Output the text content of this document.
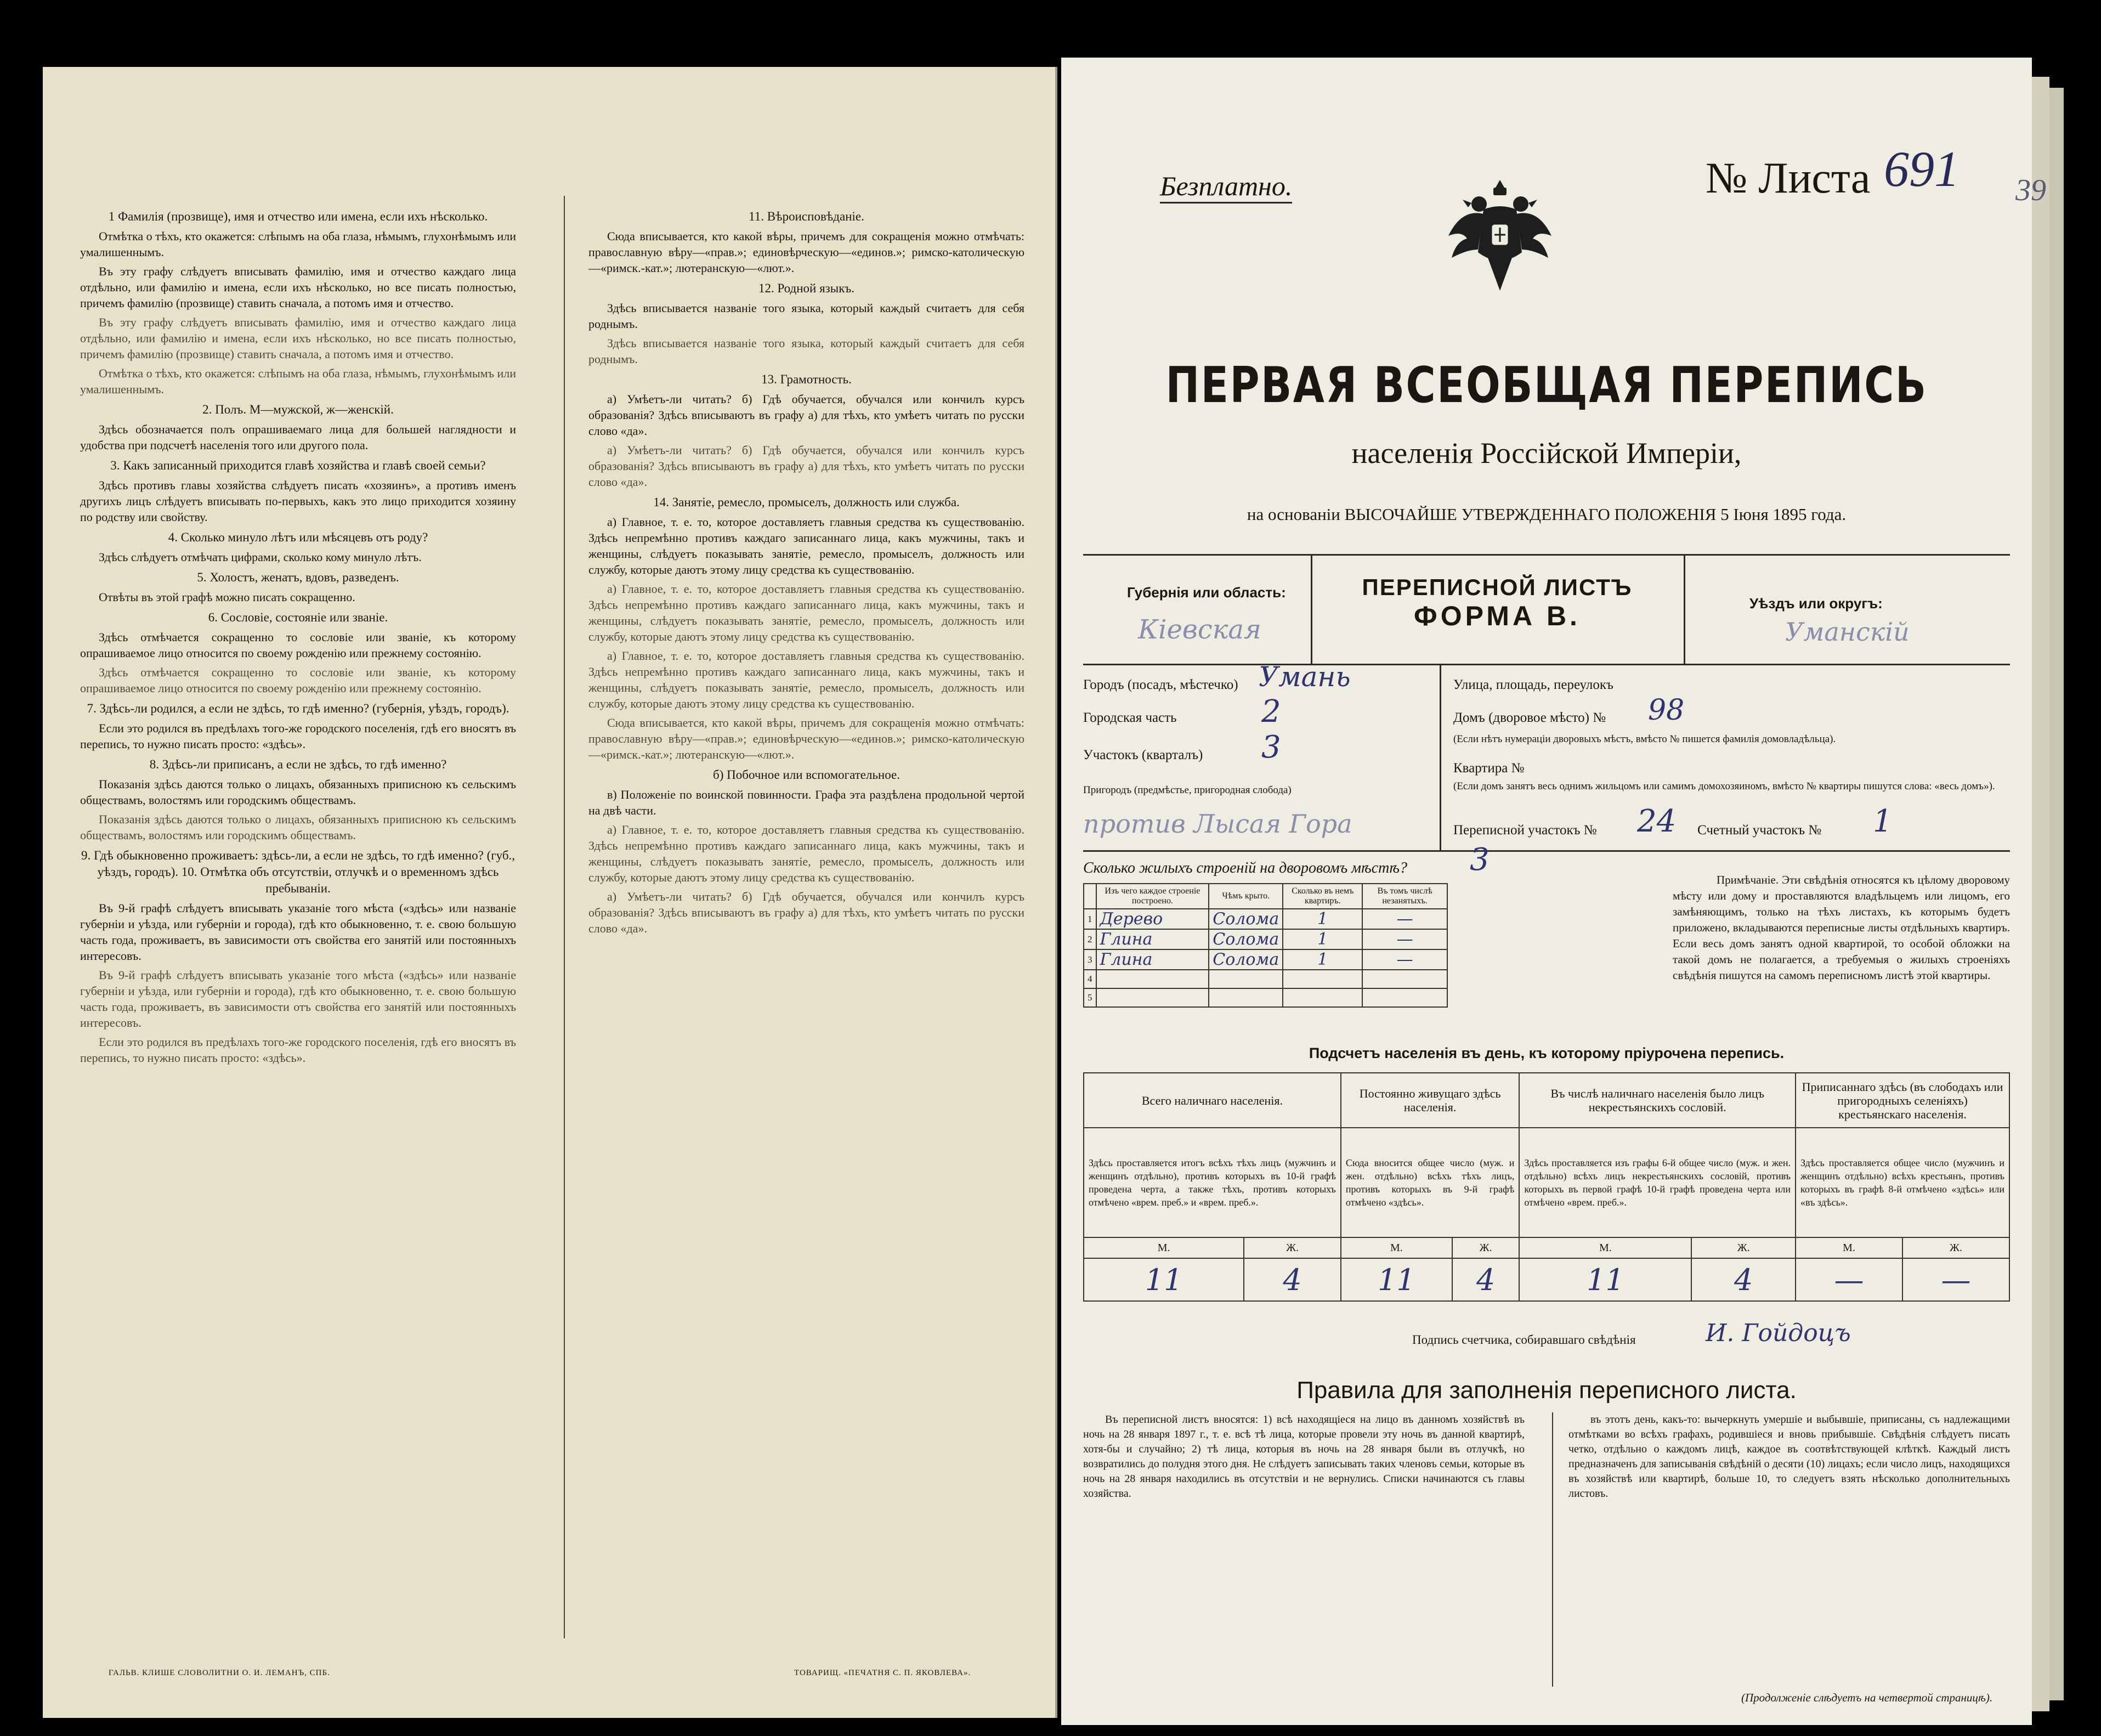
1 Фамилія (прозвище), имя и отчество или имена, если ихъ нѣсколько.
Отмѣтка о тѣхъ, кто окажется: слѣпымъ на оба глаза, нѣмымъ, глухонѣмымъ или умалишеннымъ.
Въ эту графу слѣдуетъ вписывать фамилію, имя и отчество каждаго лица отдѣльно, или фамилію и имена, если ихъ нѣсколько, но все писать полностью, причемъ фамилію (прозвище) ставить сначала, а потомъ имя и отчество.
Въ эту графу слѣдуетъ вписывать фамилію, имя и отчество каждаго лица отдѣльно, или фамилію и имена, если ихъ нѣсколько, но все писать полностью, причемъ фамилію (прозвище) ставить сначала, а потомъ имя и отчество.
Отмѣтка о тѣхъ, кто окажется: слѣпымъ на оба глаза, нѣмымъ, глухонѣмымъ или умалишеннымъ.
2. Полъ. М—мужской, ж—женскій.
Здѣсь обозначается полъ опрашиваемаго лица для большей наглядности и удобства при подсчетѣ населенія того или другого пола.
3. Какъ записанный приходится главѣ хозяйства и главѣ своей семьи?
Здѣсь противъ главы хозяйства слѣдуетъ писать «хозяинъ», а противъ именъ другихъ лицъ слѣдуетъ вписывать по-первыхъ, какъ это лицо приходится хозяину по родству или свойству.
4. Сколько минуло лѣтъ или мѣсяцевъ отъ роду?
Здѣсь слѣдуетъ отмѣчать цифрами, сколько кому минуло лѣтъ.
5. Холостъ, женатъ, вдовъ, разведенъ.
Отвѣты въ этой графѣ можно писать сокращенно.
6. Сословіе, состояніе или званіе.
Здѣсь отмѣчается сокращенно то сословіе или званіе, къ которому опрашиваемое лицо относится по своему рожденію или прежнему состоянію.
Здѣсь отмѣчается сокращенно то сословіе или званіе, къ которому опрашиваемое лицо относится по своему рожденію или прежнему состоянію.
7. Здѣсь-ли родился, а если не здѣсь, то гдѣ именно? (губернія, уѣздъ, городъ).
Если это родился въ предѣлахъ того-же городского поселенія, гдѣ его вносятъ въ перепись, то нужно писать просто: «здѣсь».
8. Здѣсь-ли приписанъ, а если не здѣсь, то гдѣ именно?
Показанія здѣсь даются только о лицахъ, обязанныхъ приписною къ сельскимъ обществамъ, волостямъ или городскимъ обществамъ.
Показанія здѣсь даются только о лицахъ, обязанныхъ приписною къ сельскимъ обществамъ, волостямъ или городскимъ обществамъ.
9. Гдѣ обыкновенно проживаетъ: здѣсь-ли, а если не здѣсь, то гдѣ именно? (губ., уѣздъ, городъ). 10. Отмѣтка объ отсутствіи, отлучкѣ и о временномъ здѣсь пребываніи.
Въ 9-й графѣ слѣдуетъ вписывать указаніе того мѣста («здѣсь» или названіе губерніи и уѣзда, или губерніи и города), гдѣ кто обыкновенно, т. е. свою большую часть года, проживаетъ, въ зависимости отъ свойства его занятій или постоянныхъ интересовъ.
Въ 9-й графѣ слѣдуетъ вписывать указаніе того мѣста («здѣсь» или названіе губерніи и уѣзда, или губерніи и города), гдѣ кто обыкновенно, т. е. свою большую часть года, проживаетъ, въ зависимости отъ свойства его занятій или постоянныхъ интересовъ.
Если это родился въ предѣлахъ того-же городского поселенія, гдѣ его вносятъ въ перепись, то нужно писать просто: «здѣсь».
ГАЛЬВ. КЛИШЕ СЛОВОЛИТНИ О. И. ЛЕМАНЪ, СПБ.
11. Вѣроисповѣданіе.
Сюда вписывается, кто какой вѣры, причемъ для сокращенія можно отмѣчать: православную вѣру—«прав.»; единовѣрческую—«единов.»; римско-католическую—«римск.-кат.»; лютеранскую—«лют.».
12. Родной языкъ.
Здѣсь вписывается названіе того языка, который каждый считаетъ для себя роднымъ.
Здѣсь вписывается названіе того языка, который каждый считаетъ для себя роднымъ.
13. Грамотность.
а) Умѣетъ-ли читать? б) Гдѣ обучается, обучался или кончилъ курсъ образованія? Здѣсь вписываютъ въ графу а) для тѣхъ, кто умѣетъ читать по русски слово «да».
а) Умѣетъ-ли читать? б) Гдѣ обучается, обучался или кончилъ курсъ образованія? Здѣсь вписываютъ въ графу а) для тѣхъ, кто умѣетъ читать по русски слово «да».
14. Занятіе, ремесло, промыселъ, должность или служба.
а) Главное, т. е. то, которое доставляетъ главныя средства къ существованію. Здѣсь непремѣнно противъ каждаго записаннаго лица, какъ мужчины, такъ и женщины, слѣдуетъ показывать занятіе, ремесло, промыселъ, должность или службу, которые даютъ этому лицу средства къ существованію.
а) Главное, т. е. то, которое доставляетъ главныя средства къ существованію. Здѣсь непремѣнно противъ каждаго записаннаго лица, какъ мужчины, такъ и женщины, слѣдуетъ показывать занятіе, ремесло, промыселъ, должность или службу, которые даютъ этому лицу средства къ существованію.
а) Главное, т. е. то, которое доставляетъ главныя средства къ существованію. Здѣсь непремѣнно противъ каждаго записаннаго лица, какъ мужчины, такъ и женщины, слѣдуетъ показывать занятіе, ремесло, промыселъ, должность или службу, которые даютъ этому лицу средства къ существованію.
Сюда вписывается, кто какой вѣры, причемъ для сокращенія можно отмѣчать: православную вѣру—«прав.»; единовѣрческую—«единов.»; римско-католическую—«римск.-кат.»; лютеранскую—«лют.».
б) Побочное или вспомогательное.
в) Положеніе по воинской повинности. Графа эта раздѣлена продольной чертой на двѣ части.
а) Главное, т. е. то, которое доставляетъ главныя средства къ существованію. Здѣсь непремѣнно противъ каждаго записаннаго лица, какъ мужчины, такъ и женщины, слѣдуетъ показывать занятіе, ремесло, промыселъ, должность или службу, которые даютъ этому лицу средства къ существованію.
а) Умѣетъ-ли читать? б) Гдѣ обучается, обучался или кончилъ курсъ образованія? Здѣсь вписываютъ въ графу а) для тѣхъ, кто умѣетъ читать по русски слово «да».
ТОВАРИЩ. «ПЕЧАТНЯ С. П. ЯКОВЛЕВА».
Безплатно.	№ Листа 691 39
ПЕРВАЯ ВСЕОБЩАЯ ПЕРЕПИСЬ
населенія Россійской Имперіи,
на основаніи ВЫСОЧАЙШЕ УТВЕРЖДЕННАГО ПОЛОЖЕНІЯ 5 Іюня 1895 года.
Губернія или область:
Кіевская
ПЕРЕПИСНОЙ ЛИСТЪ
ФОРМА В.	Уѣздъ или округъ:
Уманскій
Городъ (посадъ, мѣстечко) Умань
Городская часть	2
Участокъ (кварталъ) 3
Пригородъ (предмѣстье, пригородная слобода)
против Лысая Гора
Улица, площадь, переулокъ
Домъ (дворовое мѣсто) № 98
(Если нѣтъ нумераціи дворовыхъ мѣстъ, вмѣсто № пишется фамилія домовладѣльца).
Квартира №
(Если домъ занятъ весь однимъ жильцомъ или самимъ домохозяиномъ, вмѣсто № квартиры пишутся слова: «весь домъ»).
Переписной участокъ № 24 Счетный участокъ № 1
Сколько жилыхъ строеній на дворовомъ мѣстѣ? 3
	Изъ чего каждое строеніе построено.	Чѣмъ крыто.	Сколько въ немъ квартиръ.	Въ томъ числѣ незанятыхъ.
1	Дерево	Солома	1	—
2	Глина	Солома	1	—
3	Глина	Солома	1	—
4				
5				
Примѣчаніе. Эти свѣдѣнія относятся къ цѣлому дворовому мѣсту или дому и проставляются владѣльцемъ или лицомъ, его замѣняющимъ, только на тѣхъ листахъ, къ которымъ будетъ приложено, вкладываются переписные листы отдѣльныхъ квартиръ. Если весь домъ занятъ одной квартирой, то особой обложки на такой домъ не полагается, а требуемыя о жилыхъ строеніяхъ свѣдѣнія пишутся на самомъ переписномъ листѣ этой квартиры.
Подсчетъ населенія въ день, къ которому пріурочена перепись.
Всего наличнаго населенія.		Постоянно живущаго здѣсь населенія.		Въ числѣ наличнаго населенія было лицъ некрестьянскихъ сословій.		Приписаннаго здѣсь (въ слободахъ или пригородныхъ селеніяхъ) крестьянскаго населенія.	
Здѣсь проставляется итогъ всѣхъ тѣхъ лицъ (мужчинъ и женщинъ отдѣльно), противъ которыхъ въ 10-й графѣ проведена черта, а также тѣхъ, противъ которыхъ отмѣчено «врем. преб.» и «врем. преб.».		Сюда вносится общее число (муж. и жен. отдѣльно) всѣхъ тѣхъ лицъ, противъ которыхъ въ 9-й графѣ отмѣчено «здѣсь».		Здѣсь проставляется изъ графы 6-й общее число (муж. и жен. отдѣльно) всѣхъ лицъ некрестьянскихъ сословій, противъ которыхъ въ первой графѣ 10-й графѣ проведена черта или отмѣчено «врем. преб.».		Здѣсь проставляется общее число (мужчинъ и женщинъ отдѣльно) всѣхъ крестьянъ, противъ которыхъ въ графѣ 8-й отмѣчено «здѣсь» или «въ здѣсь».	
М.	Ж.	М.	Ж.	М.	Ж.	М.	Ж.
11	4	11	4	11	4	—	—
Подпись счетчика, собиравшаго свѣдѣнія	И. Гойдоцъ
Правила для заполненія переписного листа.
Въ переписной листъ вносятся: 1) всѣ находящіеся на лицо въ данномъ хозяйствѣ въ ночь на 28 января 1897 г., т. е. всѣ тѣ лица, которые провели эту ночь въ данной квартирѣ, хотя-бы и случайно; 2) тѣ лица, которыя въ ночь на 28 января были въ отлучкѣ, но возвратились до полудня этого дня. Не слѣдуетъ записывать таких членовъ семьи, которые въ ночь на 28 января находились въ отсутствіи и не вернулись. Списки начинаются съ главы хозяйства.
въ этотъ день, какъ-то: вычеркнуть умершіе и выбывшіе, приписаны, съ надлежащими отмѣтками во всѣхъ графахъ, родившіеся и вновь прибывшіе. Свѣдѣнія слѣдуетъ писать четко, отдѣльно о каждомъ лицѣ, каждое въ соотвѣтствующей клѣткѣ. Каждый листъ предназначенъ для записыванія свѣдѣній о десяти (10) лицахъ; если число лицъ, находящихся въ хозяйствѣ или квартирѣ, больше 10, то следуетъ взять нѣсколько дополнительныхъ листовъ.
(Продолженіе слѣдуетъ на четвертой страницѣ).
